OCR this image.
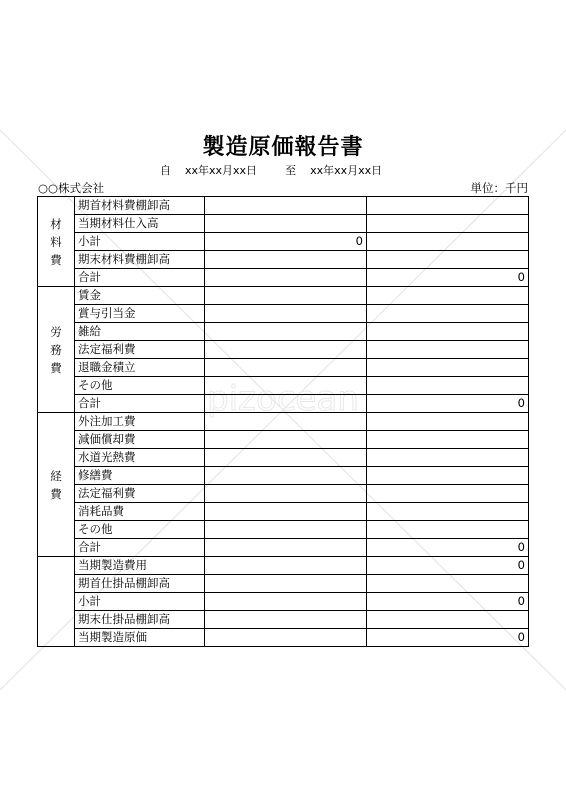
pizocean
製造原価報告書
自 xx年xx月xx日	至 xx年xx月xx日
○○株式会社	単位：千円
材
料
費	期首材料費棚卸高		
	当期材料仕入高		
	小計	0	
	期末材料費棚卸高		
	合計		0
労
務
費	賃金		
	賞与引当金		
	雑給		
	法定福利費		
	退職金積立		
	その他		
	合計		0
経
費	外注加工費		
	減価償却費		
	水道光熱費		
	修繕費		
	法定福利費		
	消耗品費		
	その他		
	合計		0
	当期製造費用		0
	期首仕掛品棚卸高		
	小計		0
	期末仕掛品棚卸高		
	当期製造原価		0
